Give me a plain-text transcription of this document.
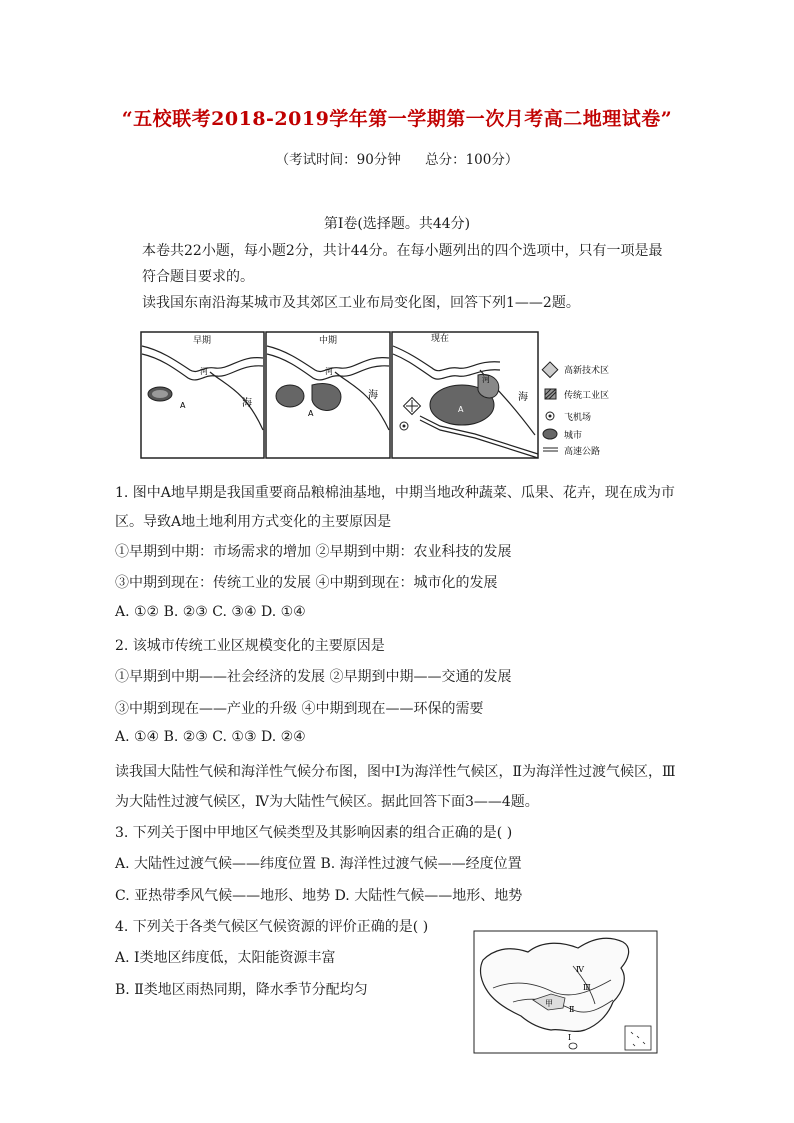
“五校联考2018-2019学年第一学期第一次月考高二地理试卷”
（考试时间：90分钟 总分：100分）
第Ⅰ卷(选择题。共44分)
本卷共22小题，每小题2分，共计44分。在每小题列出的四个选项中，只有一项是最
符合题目要求的。
读我国东南沿海某城市及其郊区工业布局变化图，回答下列1——2题。
早期
河
海
A
中期
河
海
A
现在
河
海
A
高新技术区
传统工业区
飞机场
城市
高速公路
1. 图中A地早期是我国重要商品粮棉油基地，中期当地改种蔬菜、瓜果、花卉，现在成为市
区。导致A地土地利用方式变化的主要原因是
①早期到中期：市场需求的增加 ②早期到中期：农业科技的发展
③中期到现在：传统工业的发展 ④中期到现在：城市化的发展
A. ①② B. ②③ C. ③④ D. ①④
2. 该城市传统工业区规模变化的主要原因是
①早期到中期——社会经济的发展 ②早期到中期——交通的发展
③中期到现在——产业的升级 ④中期到现在——环保的需要
A. ①④ B. ②③ C. ①③ D. ②④
读我国大陆性气候和海洋性气候分布图，图中Ⅰ为海洋性气候区，Ⅱ为海洋性过渡气候区，Ⅲ
为大陆性过渡气候区，Ⅳ为大陆性气候区。据此回答下面3——4题。
3. 下列关于图中甲地区气候类型及其影响因素的组合正确的是( )
A. 大陆性过渡气候——纬度位置 B. 海洋性过渡气候——经度位置
C. 亚热带季风气候——地形、地势 D. 大陆性气候——地形、地势
4. 下列关于各类气候区气候资源的评价正确的是( )
A. Ⅰ类地区纬度低，太阳能资源丰富
B. Ⅱ类地区雨热同期，降水季节分配均匀
Ⅳ
Ⅲ
甲
Ⅱ
Ⅰ
